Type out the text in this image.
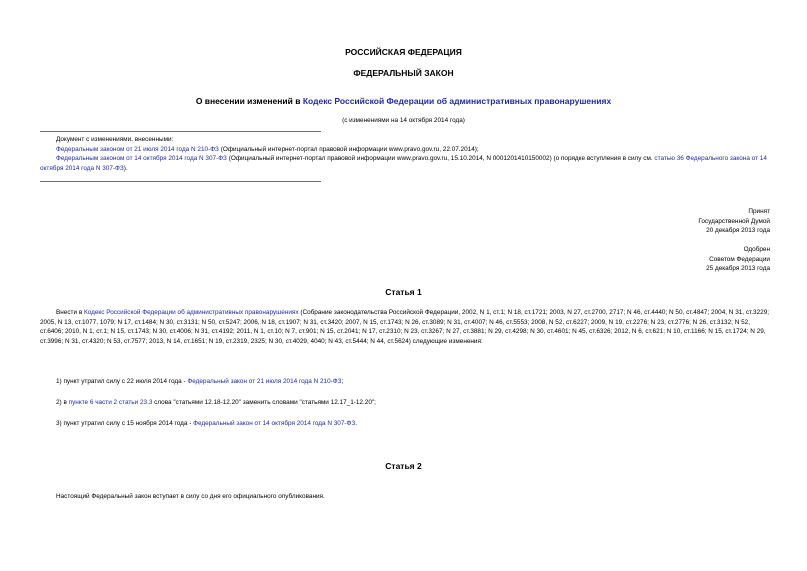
РОССИЙСКАЯ ФЕДЕРАЦИЯ
ФЕДЕРАЛЬНЫЙ ЗАКОН
О внесении изменений в Кодекс Российской Федерации об административных правонарушениях
(с изменениями на 14 октября 2014 года)
Документ с изменениями, внесенными:
Федеральным законом от 21 июля 2014 года N 210-ФЗ (Официальный интернет-портал правовой информации www.pravo.gov.ru, 22.07.2014);
Федеральным законом от 14 октября 2014 года N 307-ФЗ (Официальный интернет-портал правовой информации www.pravo.gov.ru, 15.10.2014, N 0001201410150002) (о порядке вступления в силу см. статью 36 Федерального закона от 14 октября 2014 года N 307-ФЗ).
Принят
Государственной Думой
20 декабря 2013 года
Одобрен
Советом Федерации
25 декабря 2013 года
Статья 1
Внести в Кодекс Российской Федерации об административных правонарушениях (Собрание законодательства Российской Федерации, 2002, N 1, ст.1; N 18, ст.1721; 2003, N 27, ст.2700, 2717; N 46, ст.4440; N 50, ст.4847; 2004, N 31, ст.3229; 2005, N 13, ст.1077, 1079; N 17, ст.1484; N 30, ст.3131; N 50, ст.5247; 2006, N 18, ст.1907; N 31, ст.3420; 2007, N 15, ст.1743; N 26, ст.3089; N 31, ст.4007; N 46, ст.5553; 2008, N 52, ст.6227; 2009, N 19, ст.2276; N 23, ст.2776; N 26, ст.3132; N 52, ст.6406; 2010, N 1, ст.1; N 15, ст.1743; N 30, ст.4006; N 31, ст.4192; 2011, N 1, ст.10; N 7, ст.901; N 15, ст.2041; N 17, ст.2310; N 23, ст.3267; N 27, ст.3881; N 29, ст.4298; N 30, ст.4601; N 45, ст.6326; 2012, N 6, ст.621; N 10, ст.1166; N 15, ст.1724; N 29, ст.3996; N 31, ст.4320; N 53, ст.7577; 2013, N 14, ст.1651; N 19, ст.2319, 2325; N 30, ст.4029, 4040; N 43, ст.5444; N 44, ст.5624) следующие изменения:
1) пункт утратил силу с 22 июля 2014 года - Федеральный закон от 21 июля 2014 года N 210-ФЗ;
2) в пункте 6 части 2 статьи 23.3 слова "статьями 12.18-12.20" заменить словами "статьями 12.17_1-12.20";
3) пункт утратил силу с 15 ноября 2014 года - Федеральный закон от 14 октября 2014 года N 307-ФЗ.
Статья 2
Настоящий Федеральный закон вступает в силу со дня его официального опубликования.
